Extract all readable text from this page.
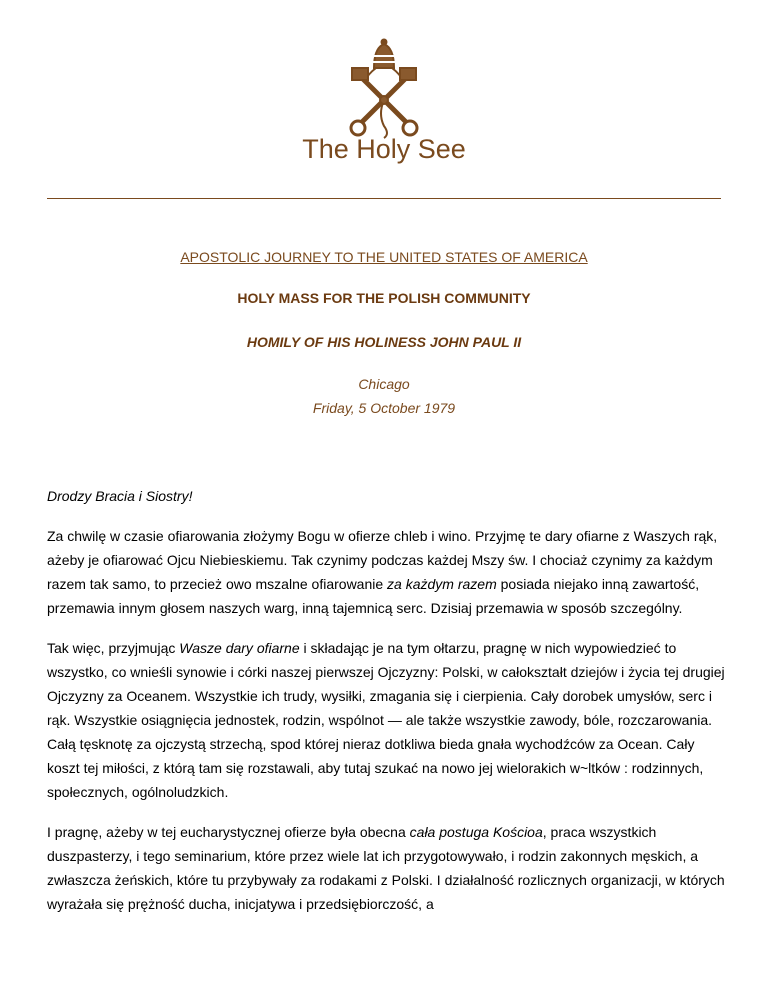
The Holy See
APOSTOLIC JOURNEY TO THE UNITED STATES OF AMERICA
HOLY MASS FOR THE POLISH COMMUNITY
HOMILY OF HIS HOLINESS JOHN PAUL II
Chicago
Friday, 5 October 1979

Drodzy Bracia i Siostry!

Za chwilę w czasie ofiarowania złożymy Bogu w ofierze chleb i wino. Przyjmę te dary ofiarne z Waszych rąk, ażeby je ofiarować Ojcu Niebieskiemu. Tak czynimy podczas każdej Mszy św. I chociaż czynimy za każdym razem tak samo, to przecież owo mszalne ofiarowanie za każdym razem posiada niejako inną zawartość, przemawia innym głosem naszych warg, inną tajemnicą serc. Dzisiaj przemawia w sposób szczególny.

Tak więc, przyjmując Wasze dary ofiarne i składając je na tym ołtarzu, pragnę w nich wypowiedzieć to wszystko, co wnieśli synowie i córki naszej pierwszej Ojczyzny: Polski, w całokształt dziejów i życia tej drugiej Ojczyzny za Oceanem. Wszystkie ich trudy, wysiłki, zmagania się i cierpienia. Cały dorobek umysłów, serc i rąk. Wszystkie osiągnięcia jednostek, rodzin, wspólnot — ale także wszystkie zawody, bóle, rozczarowania. Całą tęsknotę za ojczystą strzechą, spod której nieraz dotkliwa bieda gnała wychodźców za Ocean. Cały koszt tej miłości, z którą tam się rozstawali, aby tutaj szukać na nowo jej wielorakich w~ltków : rodzinnych, społecznych, ogólnoludzkich.

I pragnę, ażeby w tej eucharystycznej ofierze była obecna cała postuga Kościoa, praca wszystkich duszpasterzy, i tego seminarium, które przez wiele lat ich przygotowywało, i rodzin zakonnych męskich, a zwłaszcza żeńskich, które tu przybywały za rodakami z Polski. I działalność rozlicznych organizacji, w których wyrażała się prężność ducha, inicjatywa i przedsiębiorczość, a
